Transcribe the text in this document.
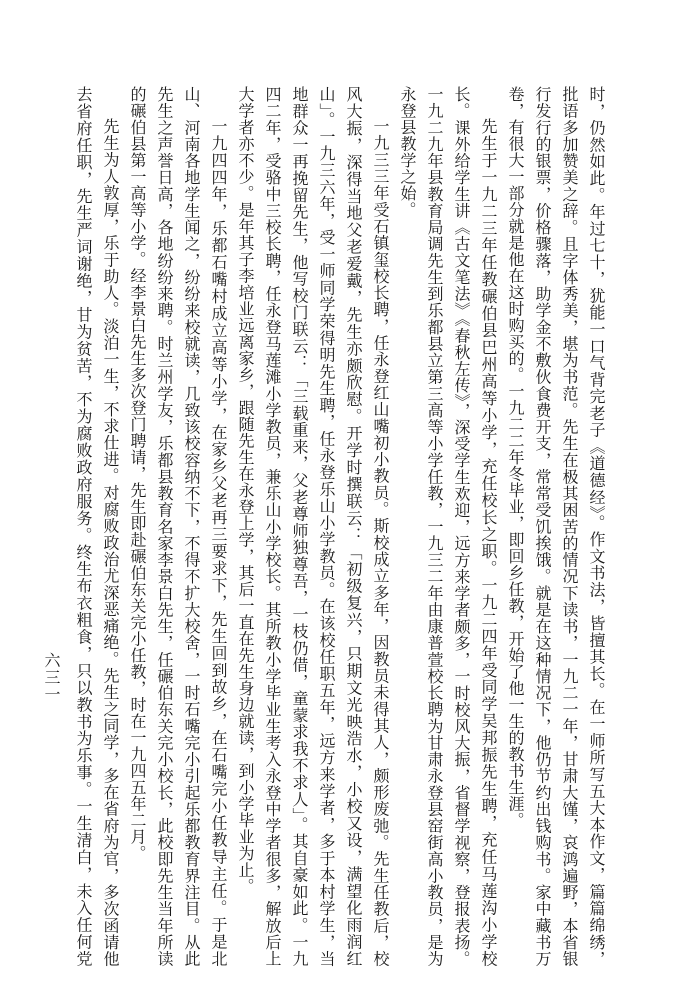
时，仍然如此。年过七十，犹能一口气背完老子《道德经》。作文书法，皆擅其长。在一师所写五大本作文，篇篇绵绣，批语多加赞美之辞。且字体秀美，堪为书范。先生在极其困苦的情况下读书，一九二一年，甘肃大馑，哀鸿遍野，本省银行发行的银票，价格骤落，助学金不敷伙食费开支，常常受饥挨饿。就是在这种情况下，他仍节约出钱购书。家中藏书万卷，有很大一部分就是他在这时购买的。一九二二年冬毕业，即回乡任教，开始了他一生的教书生涯。

先生于一九二三年任教碾伯县巴州高等小学，充任校长之职。一九二四年受同学吴邦振先生聘，充任马莲沟小学校长。课外给学生讲《古文笔法》《春秋左传》，深受学生欢迎，远方来学者颇多，一时校风大振，省督学视察，登报表扬。一九二九年县教育局调先生到乐都县立第三高等小学任教，一九三二年由康普萱校长聘为甘肃永登县窑街高小教员，是为永登县教学之始。

一九三三年受石镇玺校长聘，任永登红山嘴初小教员。斯校成立多年，因教员未得其人，颇形废弛。先生任教后，校风大振，深得当地父老爱戴，先生亦颇欣慰。开学时撰联云：「初级复兴，只期文光映浩水，小校又设，满望化雨润红山」。一九三六年，受一师同学荣得明先生聘，任永登乐山小学教员。在该校任职五年，远方来学者，多于本村学生，当地群众一再挽留先生，他写校门联云：「三载重来，父老尊师独尊吾，一枝仍借，童蒙求我不求人」。其自豪如此。一九四二年，受骆中三校长聘，任永登马莲滩小学教员，兼乐山小学校长。其所教小学毕业生考入永登中学者很多，解放后上大学者亦不少。是年其子李培业远离家乡，跟随先生在永登上学，其后一直在先生身边就读，到小学毕业为止。

一九四四年，乐都石嘴村成立高等小学，在家乡父老再三要求下，先生回到故乡，在石嘴完小任教导主任。于是北山、河南各地学生闻之，纷纷来校就读，几致该校容纳不下，不得不扩大校舍，一时石嘴完小引起乐都教育界注目。从此先生之声誉日高，各地纷纷来聘。时兰州学友，乐都县教育名家李景白先生，任碾伯东关完小校长，此校即先生当年所读的碾伯县第一高等小学。经李景白先生多次登门聘请，先生即赴碾伯东关完小任教，时在一九四五年二月。

先生为人敦厚，乐于助人。淡泊一生，不求仕进。对腐败政治尤深恶痛绝。先生之同学，多在省府为官，多次函请他去省府任职，先生严词谢绝，甘为贫苦，不为腐败政府服务。终生布衣粗食，只以教书为乐事。一生清白，未入任何党

六三一
